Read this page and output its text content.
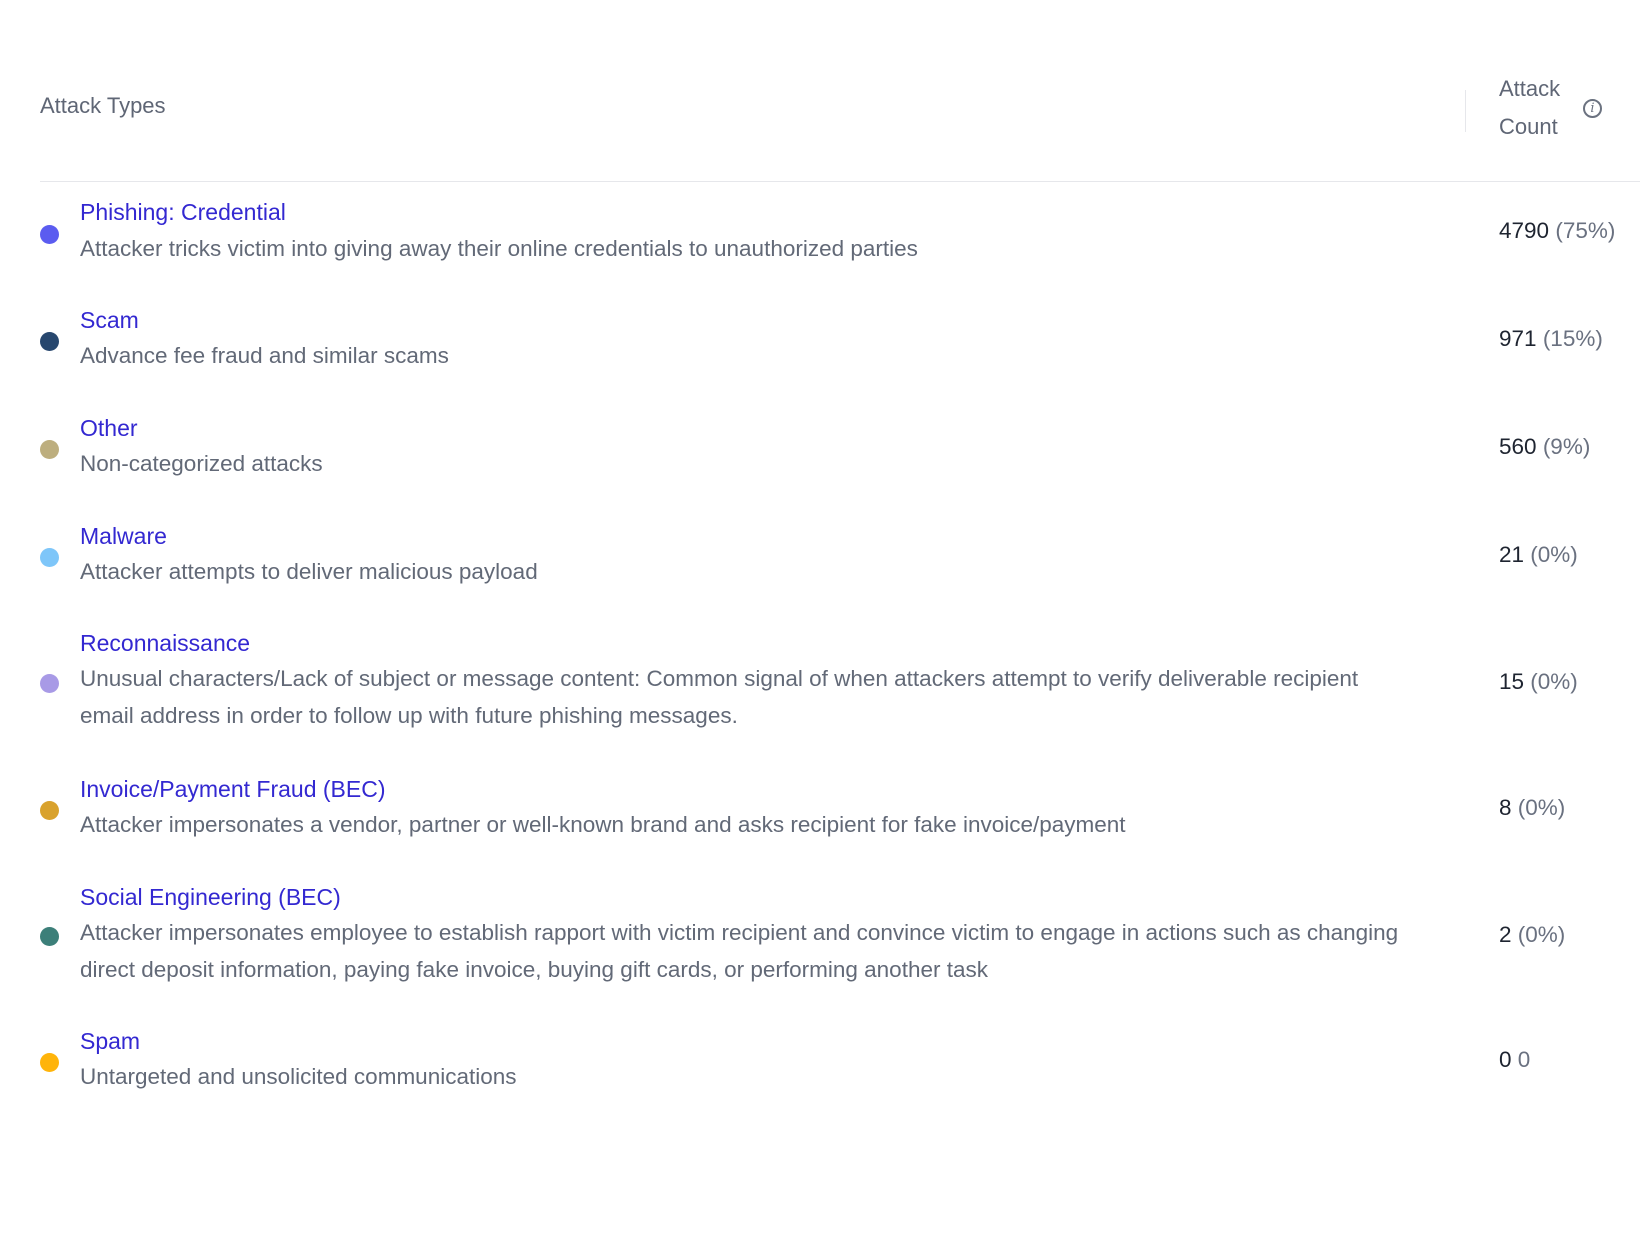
Attack Types
Attack
Count
i
Phishing: Credential
Attacker tricks victim into giving away their online credentials to unauthorized parties
4790 (75%)
Scam
Advance fee fraud and similar scams
971 (15%)
Other
Non-categorized attacks
560 (9%)
Malware
Attacker attempts to deliver malicious payload
21 (0%)
Reconnaissance
Unusual characters/Lack of subject or message content: Common signal of when attackers attempt to verify deliverable recipient email address in order to follow up with future phishing messages.
15 (0%)
Invoice/Payment Fraud (BEC)
Attacker impersonates a vendor, partner or well-known brand and asks recipient for fake invoice/payment
8 (0%)
Social Engineering (BEC)
Attacker impersonates employee to establish rapport with victim recipient and convince victim to engage in actions such as changing direct deposit information, paying fake invoice, buying gift cards, or performing another task
2 (0%)
Spam
Untargeted and unsolicited communications
0 0
